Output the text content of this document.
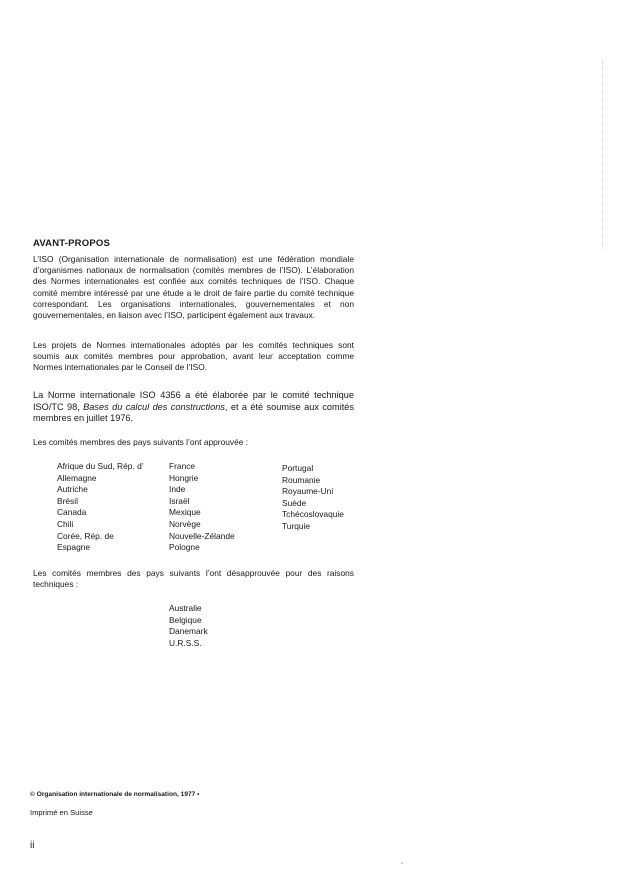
AVANT-PROPOS

L’ISO (Organisation internationale de normalisation) est une fédération mondiale d’organismes nationaux de normalisation (comités membres de l’ISO). L’élaboration des Normes internationales est confiée aux comités techniques de l’ISO. Chaque comité membre intéressé par une étude a le droit de faire partie du comité technique correspondant. Les organisations internationales, gouvernementales et non gouvernementales, en liaison avec l’ISO, participent également aux travaux.

Les projets de Normes internationales adoptés par les comités techniques sont soumis aux comités membres pour approbation, avant leur acceptation comme Normes internationales par le Conseil de l’ISO.

La Norme internationale ISO 4356 a été élaborée par le comité technique ISO/TC 98, Bases du calcul des constructions, et a été soumise aux comités membres en juillet 1976.

Les comités membres des pays suivants l’ont approuvée :

Afrique du Sud, Rép. d’
Allemagne
Autriche
Brésil
Canada
Chili
Corée, Rép. de
Espagne
France
Hongrie
Inde
Israël
Mexique
Norvège
Nouvelle-Zélande
Pologne
Portugal
Roumanie
Royaume-Uni
Suède
Tchécoslovaquie
Turquie

Les comités membres des pays suivants l’ont désapprouvée pour des raisons techniques :

Australie
Belgique
Danemark
U.R.S.S.
© Organisation internationale de normalisation, 1977 •
Imprimé en Suisse
ii
